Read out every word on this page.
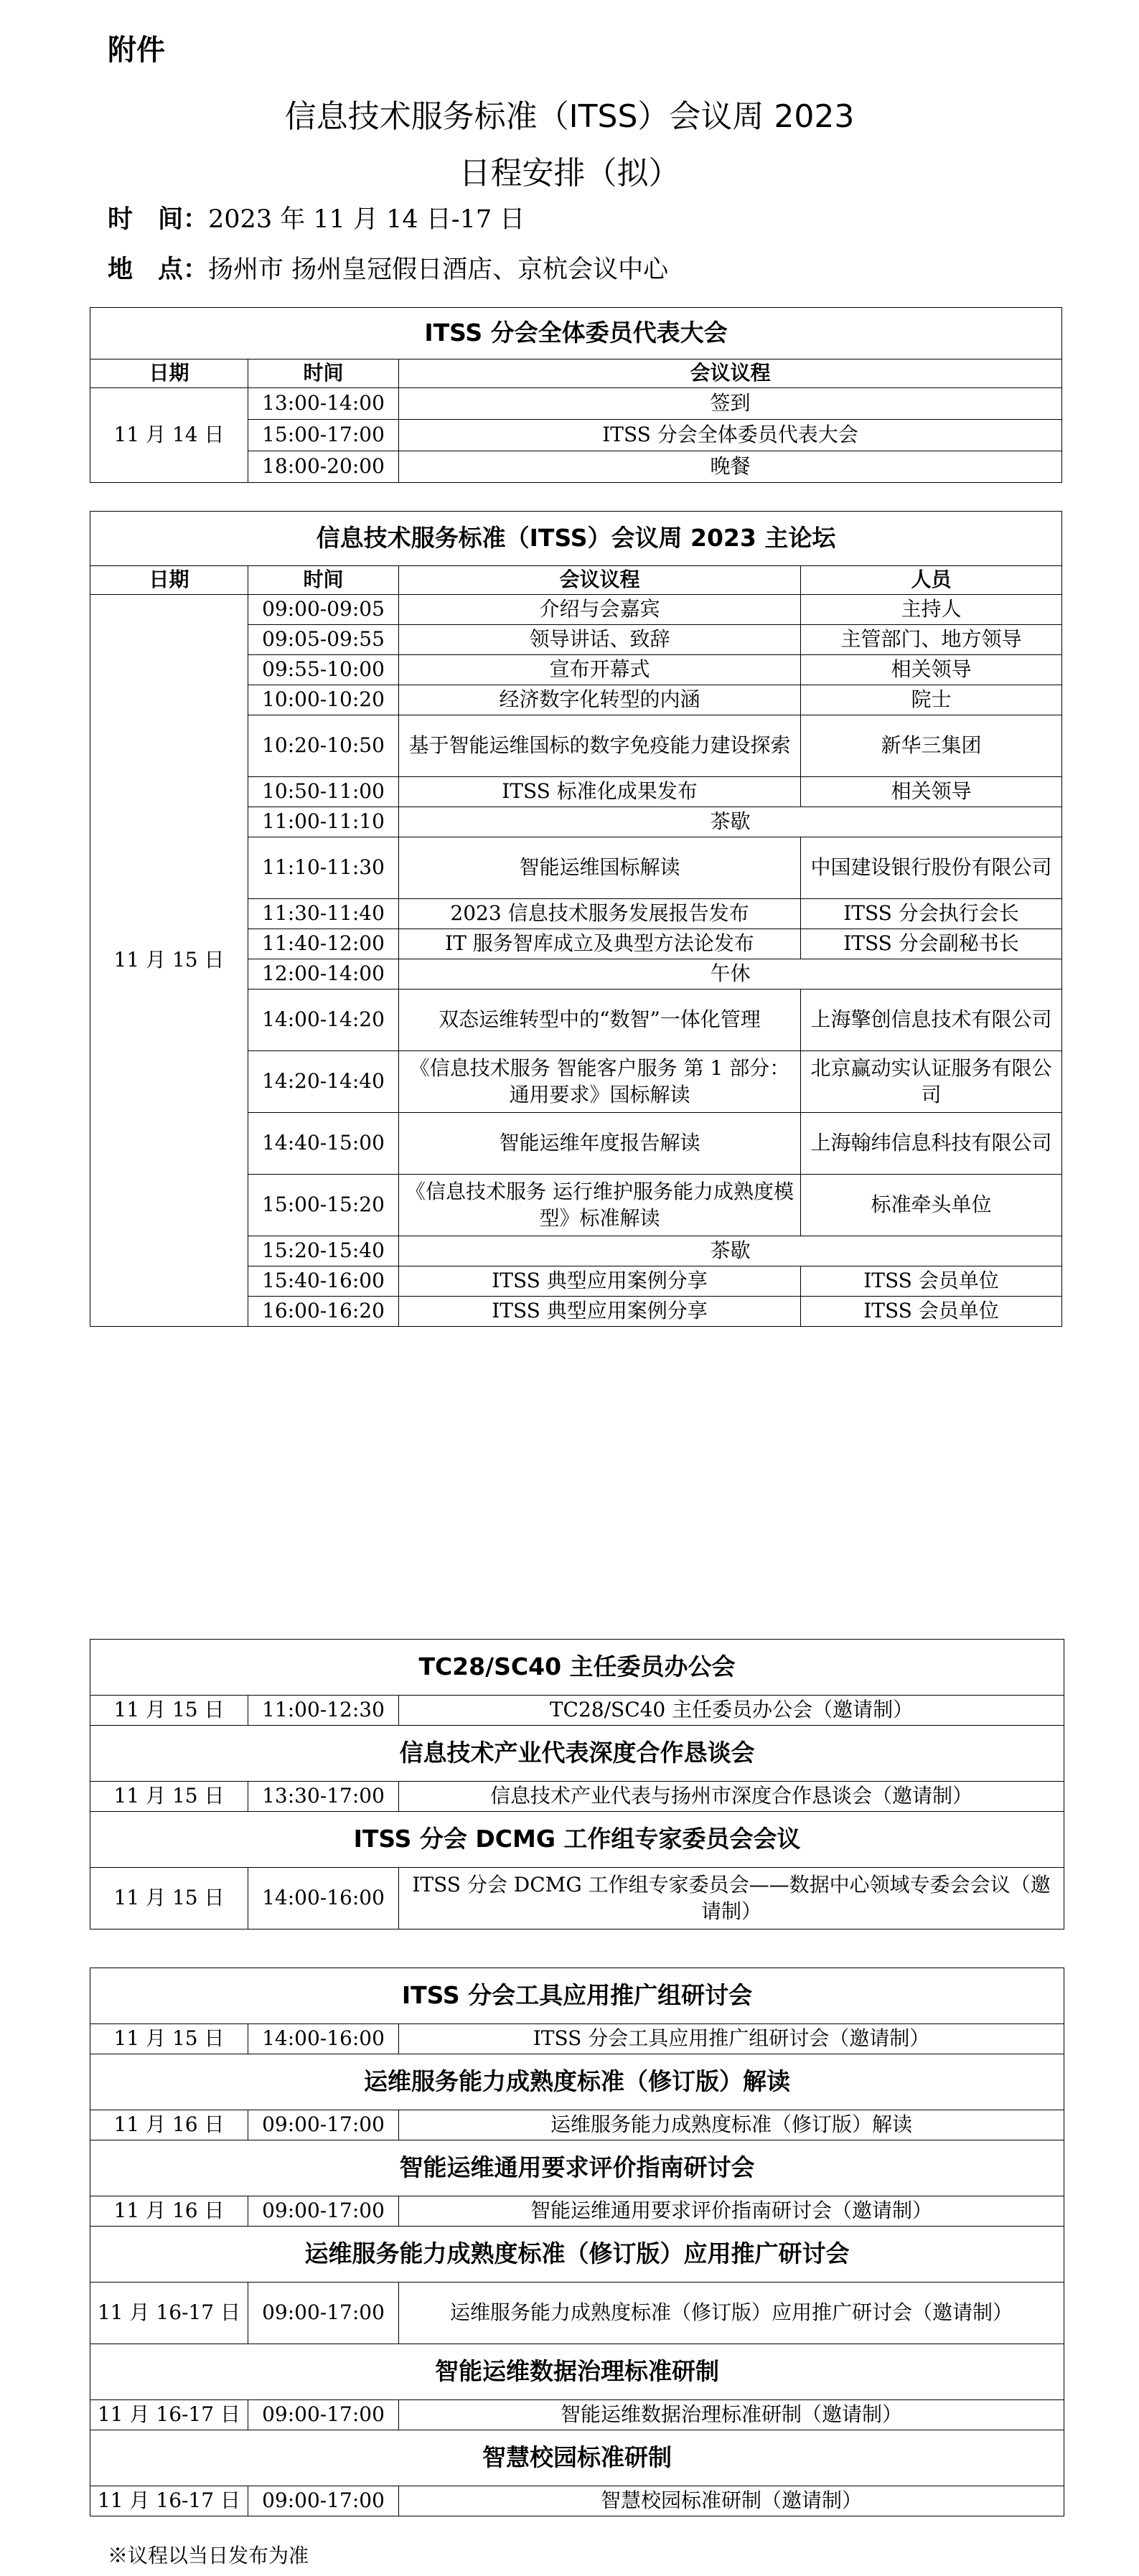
附件
信息技术服务标准（ITSS）会议周 2023
日程安排（拟）
时　间：2023 年 11 月 14 日-17 日
地　点：扬州市 扬州皇冠假日酒店、京杭会议中心
ITSS 分会全体委员代表大会		
日期	时间	会议议程
11 月 14 日	13:00-14:00	签到
	15:00-17:00	ITSS 分会全体委员代表大会
	18:00-20:00	晚餐
信息技术服务标准（ITSS）会议周 2023 主论坛			
日期	时间	会议议程	人员
11 月 15 日	09:00-09:05	介绍与会嘉宾	主持人
	09:05-09:55	领导讲话、致辞	主管部门、地方领导
	09:55-10:00	宣布开幕式	相关领导
	10:00-10:20	经济数字化转型的内涵	院士
	10:20-10:50	基于智能运维国标的数字免疫能力建设探索	新华三集团
	10:50-11:00	ITSS 标准化成果发布	相关领导
	11:00-11:10	茶歇	
	11:10-11:30	智能运维国标解读	中国建设银行股份有限公司
	11:30-11:40	2023 信息技术服务发展报告发布	ITSS 分会执行会长
	11:40-12:00	IT 服务智库成立及典型方法论发布	ITSS 分会副秘书长
	12:00-14:00	午休	
	14:00-14:20	双态运维转型中的“数智”一体化管理	上海擎创信息技术有限公司
	14:20-14:40	《信息技术服务 智能客户服务 第 1 部分：通用要求》国标解读	北京赢动实认证服务有限公司
	14:40-15:00	智能运维年度报告解读	上海翰纬信息科技有限公司
	15:00-15:20	《信息技术服务 运行维护服务能力成熟度模型》标准解读	标准牵头单位
	15:20-15:40	茶歇	
	15:40-16:00	ITSS 典型应用案例分享	ITSS 会员单位
	16:00-16:20	ITSS 典型应用案例分享	ITSS 会员单位
TC28/SC40 主任委员办公会		
11 月 15 日	11:00-12:30	TC28/SC40 主任委员办公会（邀请制）
信息技术产业代表深度合作恳谈会		
11 月 15 日	13:30-17:00	信息技术产业代表与扬州市深度合作恳谈会（邀请制）
ITSS 分会 DCMG 工作组专家委员会会议		
11 月 15 日	14:00-16:00	ITSS 分会 DCMG 工作组专家委员会——数据中心领域专委会会议（邀请制）
ITSS 分会工具应用推广组研讨会		
11 月 15 日	14:00-16:00	ITSS 分会工具应用推广组研讨会（邀请制）
运维服务能力成熟度标准（修订版）解读		
11 月 16 日	09:00-17:00	运维服务能力成熟度标准（修订版）解读
智能运维通用要求评价指南研讨会		
11 月 16 日	09:00-17:00	智能运维通用要求评价指南研讨会（邀请制）
运维服务能力成熟度标准（修订版）应用推广研讨会		
11 月 16-17 日	09:00-17:00	运维服务能力成熟度标准（修订版）应用推广研讨会（邀请制）
智能运维数据治理标准研制		
11 月 16-17 日	09:00-17:00	智能运维数据治理标准研制（邀请制）
智慧校园标准研制		
11 月 16-17 日	09:00-17:00	智慧校园标准研制（邀请制）
※议程以当日发布为准
